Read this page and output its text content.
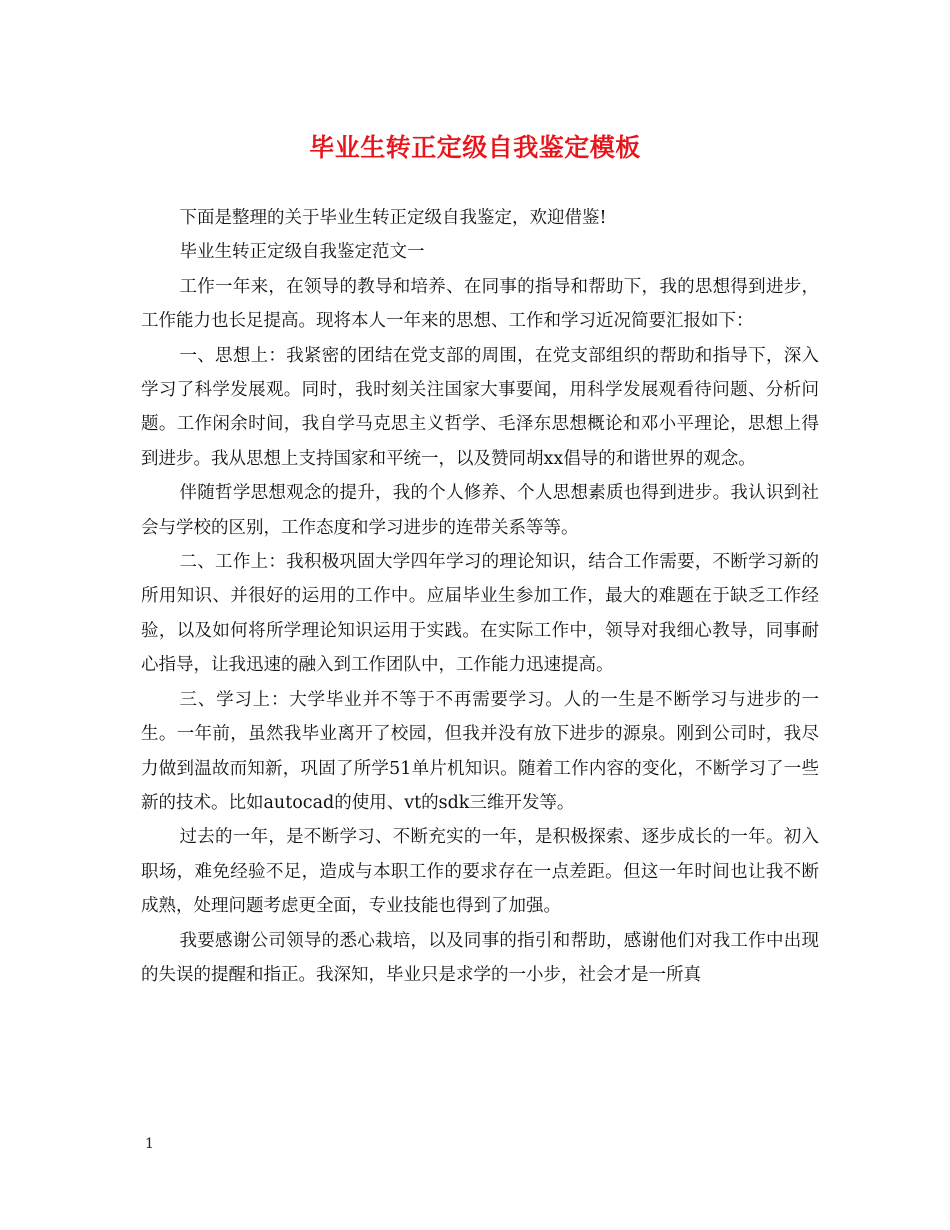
毕业生转正定级自我鉴定模板

下面是整理的关于毕业生转正定级自我鉴定，欢迎借鉴!

毕业生转正定级自我鉴定范文一

工作一年来，在领导的教导和培养、在同事的指导和帮助下，我的思想得到进步，工作能力也长足提高。现将本人一年来的思想、工作和学习近况简要汇报如下：

一、思想上：我紧密的团结在党支部的周围，在党支部组织的帮助和指导下，深入学习了科学发展观。同时，我时刻关注国家大事要闻，用科学发展观看待问题、分析问题。工作闲余时间，我自学马克思主义哲学、毛泽东思想概论和邓小平理论，思想上得到进步。我从思想上支持国家和平统一，以及赞同胡xx倡导的和谐世界的观念。

伴随哲学思想观念的提升，我的个人修养、个人思想素质也得到进步。我认识到社会与学校的区别，工作态度和学习进步的连带关系等等。

二、工作上：我积极巩固大学四年学习的理论知识，结合工作需要，不断学习新的所用知识、并很好的运用的工作中。应届毕业生参加工作，最大的难题在于缺乏工作经验，以及如何将所学理论知识运用于实践。在实际工作中，领导对我细心教导，同事耐心指导，让我迅速的融入到工作团队中，工作能力迅速提高。

三、学习上：大学毕业并不等于不再需要学习。人的一生是不断学习与进步的一生。一年前，虽然我毕业离开了校园，但我并没有放下进步的源泉。刚到公司时，我尽力做到温故而知新，巩固了所学51单片机知识。随着工作内容的变化，不断学习了一些新的技术。比如autocad的使用、vt的sdk三维开发等。

过去的一年，是不断学习、不断充实的一年，是积极探索、逐步成长的一年。初入职场，难免经验不足，造成与本职工作的要求存在一点差距。但这一年时间也让我不断成熟，处理问题考虑更全面，专业技能也得到了加强。

我要感谢公司领导的悉心栽培，以及同事的指引和帮助，感谢他们对我工作中出现的失误的提醒和指正。我深知，毕业只是求学的一小步，社会才是一所真

1
